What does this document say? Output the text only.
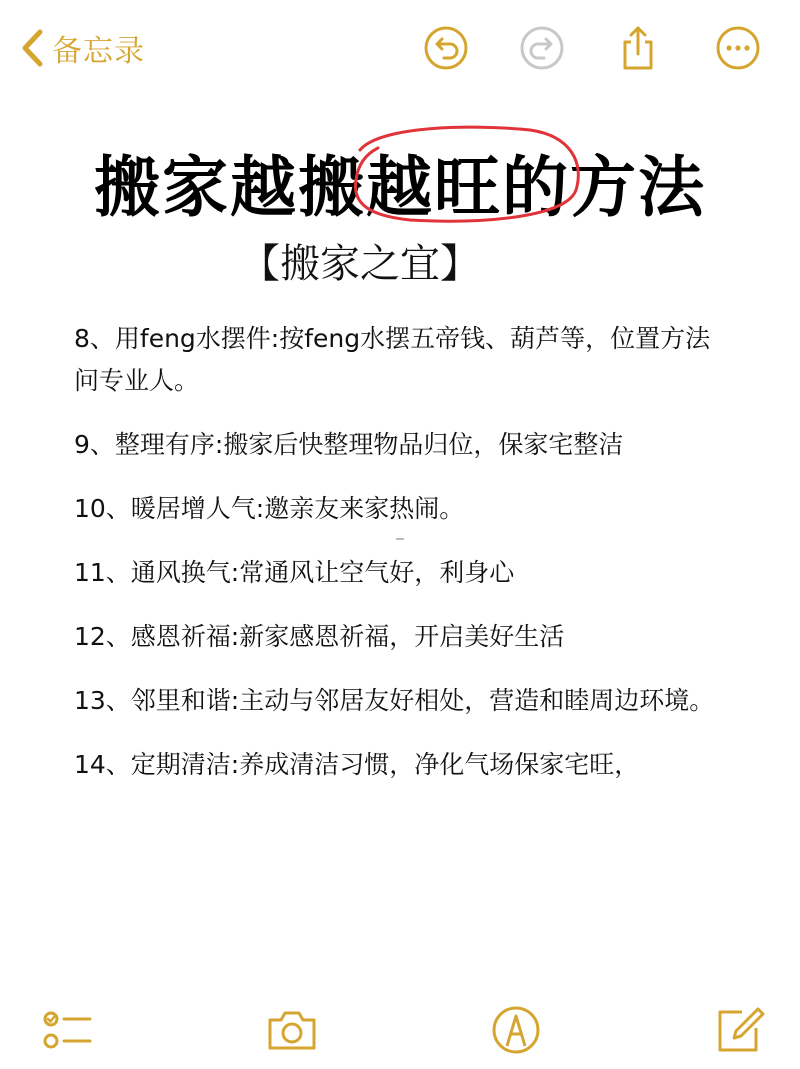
备忘录
搬家越搬越旺的方法
【搬家之宜】

8、用feng水摆件:按feng水摆五帝钱、葫芦等，位置方法问专业人。

9、整理有序:搬家后快整理物品归位，保家宅整洁

10、暖居增人气:邀亲友来家热闹。

11、通风换气:常通风让空气好，利身心

12、感恩祈福:新家感恩祈福，开启美好生活

13、邻里和谐:主动与邻居友好相处，营造和睦周边环境。

14、定期清洁:养成清洁习惯，净化气场保家宅旺，
